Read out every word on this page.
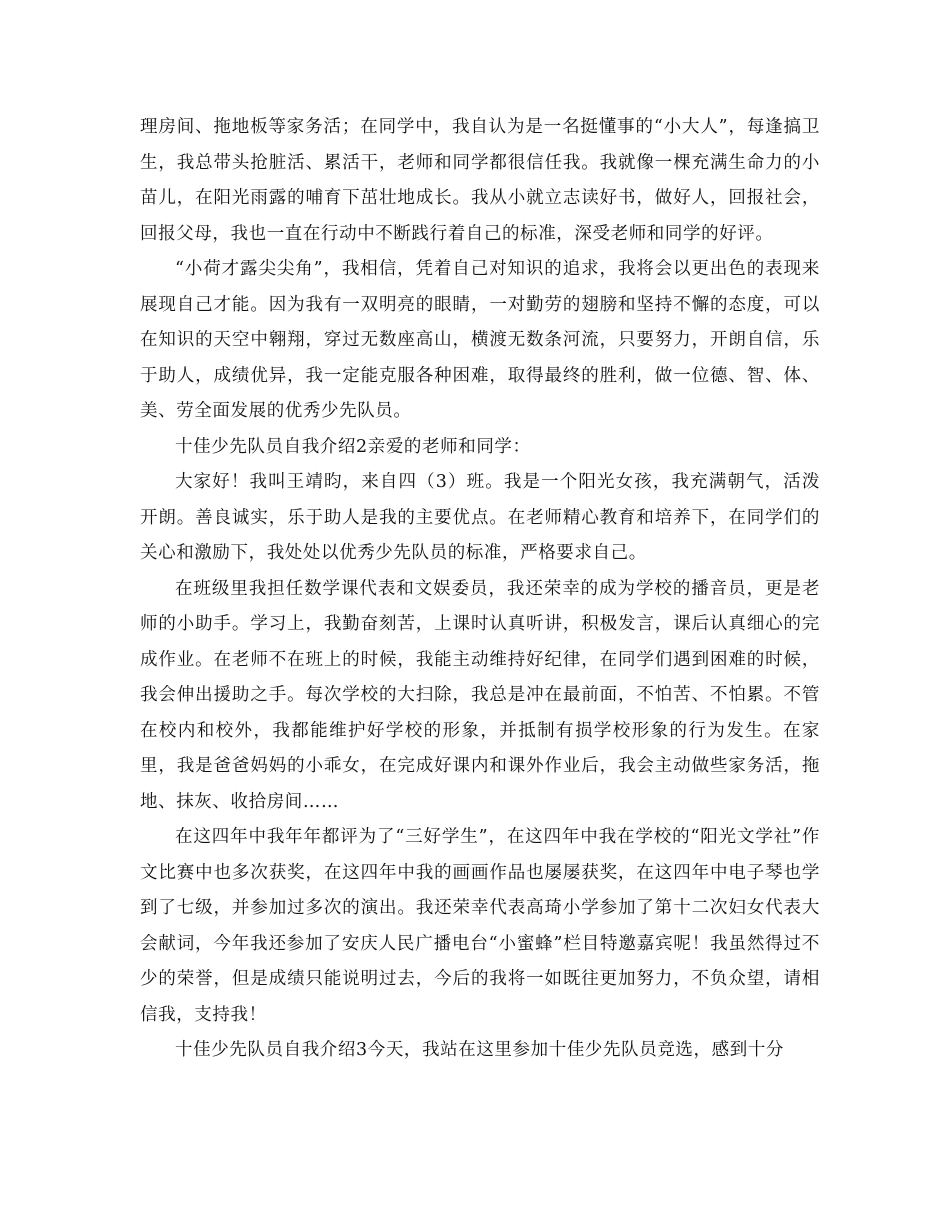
理房间、拖地板等家务活；在同学中，我自认为是一名挺懂事的“小大人”，每逢搞卫生，我总带头抢脏活、累活干，老师和同学都很信任我。我就像一棵充满生命力的小苗儿，在阳光雨露的哺育下茁壮地成长。我从小就立志读好书，做好人，回报社会，回报父母，我也一直在行动中不断践行着自己的标准，深受老师和同学的好评。

“小荷才露尖尖角”，我相信，凭着自己对知识的追求，我将会以更出色的表现来展现自己才能。因为我有一双明亮的眼睛，一对勤劳的翅膀和坚持不懈的态度，可以在知识的天空中翱翔，穿过无数座高山，横渡无数条河流，只要努力，开朗自信，乐于助人，成绩优异，我一定能克服各种困难，取得最终的胜利，做一位德、智、体、美、劳全面发展的优秀少先队员。

十佳少先队员自我介绍2亲爱的老师和同学：

大家好！我叫王靖昀，来自四（3）班。我是一个阳光女孩，我充满朝气，活泼开朗。善良诚实，乐于助人是我的主要优点。在老师精心教育和培养下，在同学们的关心和激励下，我处处以优秀少先队员的标准，严格要求自己。

在班级里我担任数学课代表和文娱委员，我还荣幸的成为学校的播音员，更是老师的小助手。学习上，我勤奋刻苦，上课时认真听讲，积极发言，课后认真细心的完成作业。在老师不在班上的时候，我能主动维持好纪律，在同学们遇到困难的时候，我会伸出援助之手。每次学校的大扫除，我总是冲在最前面，不怕苦、不怕累。不管在校内和校外，我都能维护好学校的形象，并抵制有损学校形象的行为发生。在家里，我是爸爸妈妈的小乖女，在完成好课内和课外作业后，我会主动做些家务活，拖地、抹灰、收拾房间……

在这四年中我年年都评为了“三好学生”，在这四年中我在学校的“阳光文学社”作文比赛中也多次获奖，在这四年中我的画画作品也屡屡获奖，在这四年中电子琴也学到了七级，并参加过多次的演出。我还荣幸代表高琦小学参加了第十二次妇女代表大会献词，今年我还参加了安庆人民广播电台“小蜜蜂”栏目特邀嘉宾呢！我虽然得过不少的荣誉，但是成绩只能说明过去，今后的我将一如既往更加努力，不负众望，请相信我，支持我！

十佳少先队员自我介绍3今天，我站在这里参加十佳少先队员竞选，感到十分
